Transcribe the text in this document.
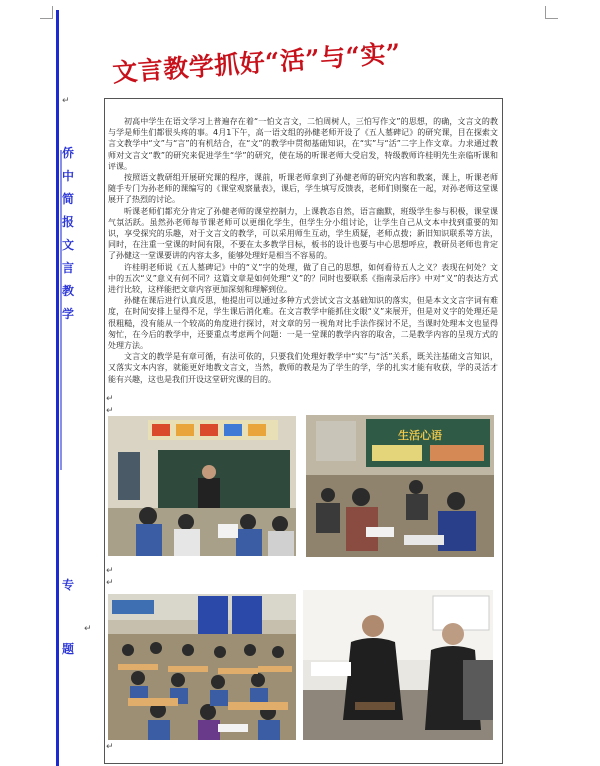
侨
中
简
报
文
言
教
学
专
题
文言教学抓好“活”与“实”
↵

初高中学生在语文学习上普遍存在着“一怕文言文，二怕周树人，三怕写作文”的思想，的确，文言文的教与学是师生们都很头疼的事。4月1下午，高一语文组的孙健老师开设了《五人墓碑记》的研究课，目在探索文言文教学中“文”与“言”的有机结合，在“文”的教学中贯彻基础知识，在“实”与“活”二字上作文章。力求通过教师对文言文“教”的研究来促进学生“学”的研究，使在场的听课老师大受启发，特级教师许桂明先生亲临听课和评课。

按照语文教研组开展研究课的程序，课前，听课老师拿到了孙健老师的研究内容和教案，课上，听课老师随手专门为孙老师的课编写的《课堂观察量表》，课后，学生填写反馈表，老师们则聚在一起，对孙老师这堂课展开了热烈的讨论。

听课老师们都充分肯定了孙健老师的课堂控制力，上课教态自然，语言幽默，班级学生参与积极，课堂课气氛活跃。虽然孙老师每节课老师可以更细化学生，但学生分小组讨论，让学生自己从文本中找到重要的知识，享受探究的乐趣，对于文言文的教学，可以采用师生互动，学生质疑，老师点拨；新旧知识联系等方法，同时，在注重一堂课的时间有限，不要在太多教学目标，板书的设计也要与中心思想呼应，教研员老师也肯定了孙健这一堂课要讲的内容太多，能够处理好是相当不容易的。

许桂明老师说《五人墓碑记》中的“义”字的处理，做了自己的思想，如何看待五人之义？表现在何处？文中的五次“义”意义有何不同？这篇文章是如何处理“义”的？同时也要联系《指南录后序》中对“义”的表达方式进行比较，这样能把文章内容更加深刻和理解到位。

孙健在课后进行认真反思，他提出可以通过多种方式尝试文言文基础知识的落实，但是本文文言字词有难度，在时间安排上显得不足，学生课后消化难。在文言教学中能抓住文眼“义”来展开，但是对义字的处理还是很粗糙，没有能从一个较高的角度进行探讨，对文章的另一视角对比手法作探讨不足，当课时处理本文也显得匆忙，在今后的教学中，还要重点考虑两个问题：一是一堂课的教学内容的取舍，二是教学内容的呈现方式的处理方法。

文言文的教学是有章可循，有法可依的，只要我们处理好教学中“实”与“活”关系，既关注基础文言知识，又落实文本内容，就能更好地教文言文，当然，教师的教是为了学生的学，学的扎实才能有收获，学的灵活才能有兴趣，这也是我们开设这堂研究课的目的。

生活心语
↵
↵
↵
↵
↵
↵
